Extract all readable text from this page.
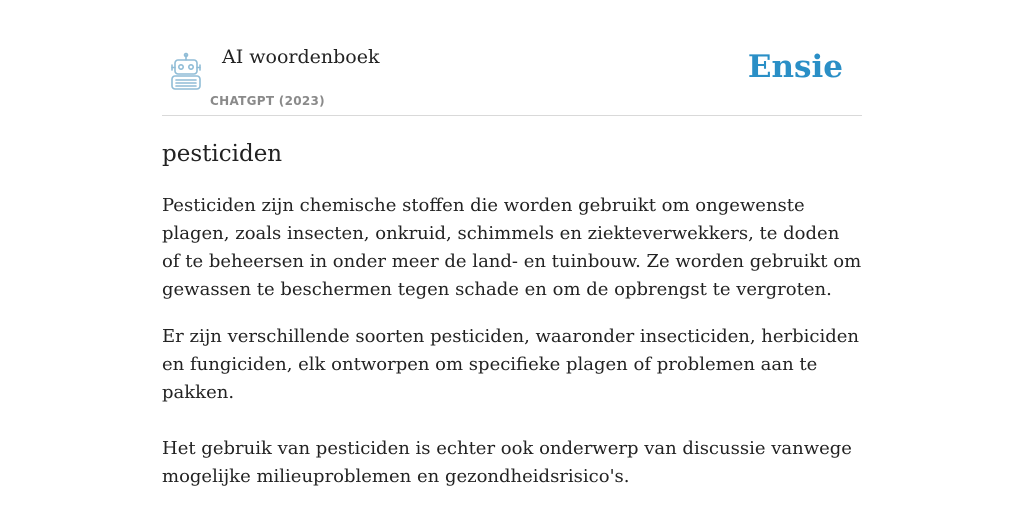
AI woordenboek
CHATGPT (2023)
Ensie
pesticiden

Pesticiden zijn chemische stoffen die worden gebruikt om ongewenste plagen, zoals insecten, onkruid, schimmels en ziekteverwekkers, te doden of te beheersen in onder meer de land- en tuinbouw. Ze worden gebruikt om gewassen te beschermen tegen schade en om de opbrengst te vergroten.

Er zijn verschillende soorten pesticiden, waaronder insecticiden, herbiciden en fungiciden, elk ontworpen om specifieke plagen of problemen aan te pakken.

Het gebruik van pesticiden is echter ook onderwerp van discussie vanwege mogelijke milieuproblemen en gezondheidsrisico's.
